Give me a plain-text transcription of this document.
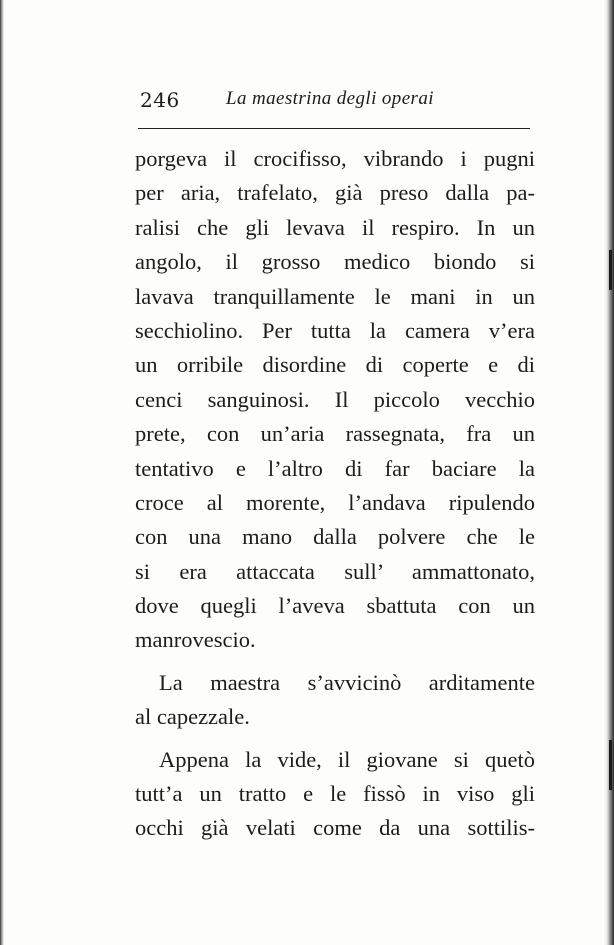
246 La maestrina degli operai
porgeva il crocifisso, vibrando i pugni
per aria, trafelato, già preso dalla pa-
ralisi che gli levava il respiro. In un
angolo, il grosso medico biondo si
lavava tranquillamente le mani in un
secchiolino. Per tutta la camera v’era
un orribile disordine di coperte e di
cenci sanguinosi. Il piccolo vecchio
prete, con un’aria rassegnata, fra un
tentativo e l’altro di far baciare la
croce al morente, l’andava ripulendo
con una mano dalla polvere che le
si era attaccata sull’ ammattonato,
dove quegli l’aveva sbattuta con un
manrovescio.
La maestra s’avvicinò arditamente
al capezzale.
Appena la vide, il giovane si quetò
tutt’a un tratto e le fissò in viso gli
occhi già velati come da una sottilis-
